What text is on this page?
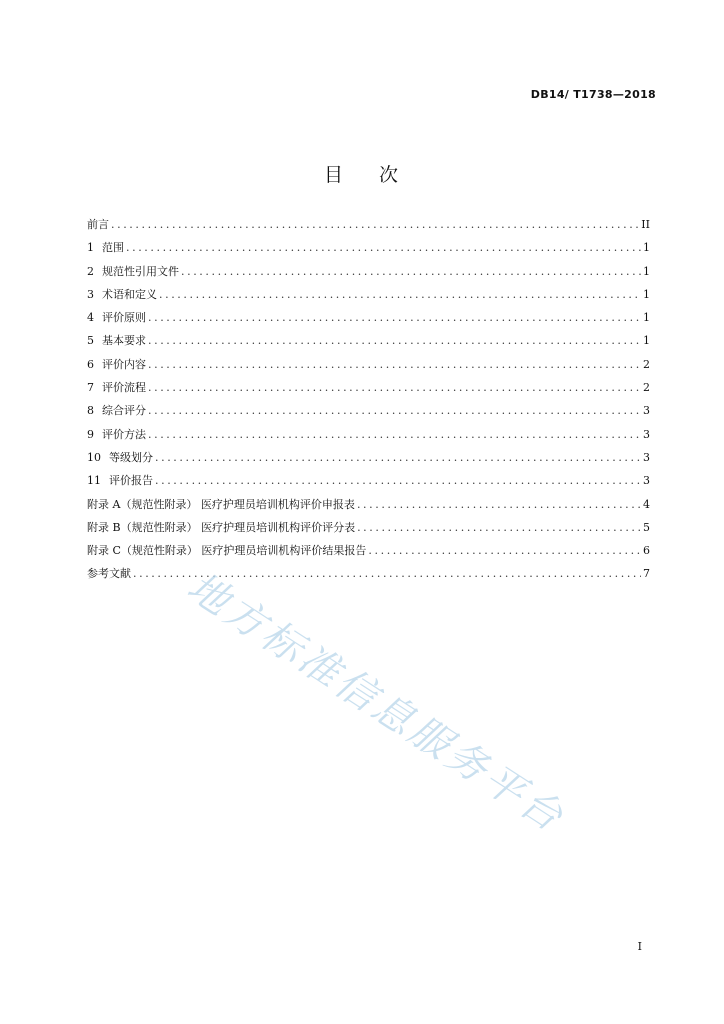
DB14/ T1738—2018
目 次
前言 .....	II
1 范围 .....	1
2 规范性引用文件 .....	1
3 术语和定义 .....	1
4 评价原则 .....	1
5 基本要求 .....	1
6 评价内容 .....	2
7 评价流程 .....	2
8 综合评分 .....	3
9 评价方法 .....	3
10 等级划分 .....	3
11 评价报告 .....	3
附录 A（规范性附录） 医疗护理员培训机构评价申报表 .....	4
附录 B（规范性附录） 医疗护理员培训机构评价评分表 .....	5
附录 C（规范性附录） 医疗护理员培训机构评价结果报告 .....	6
参考文献 .....	7
地方标准信息服务平台
I
